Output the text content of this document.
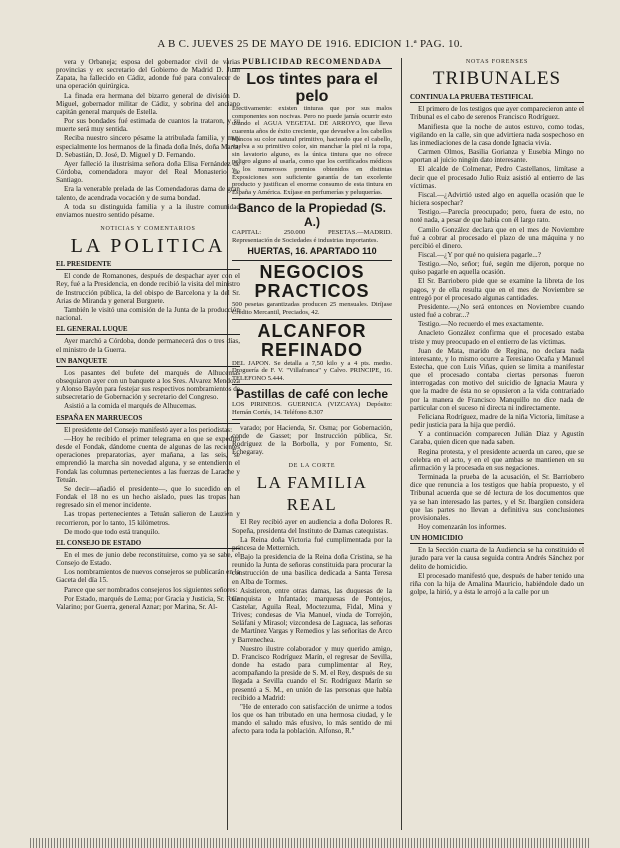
A B C. JUEVES 25 DE MAYO DE 1916. EDICION 1.ª PAG. 10.

vera y Orbaneja; esposa del gobernador civil de varias provincias y ex secretario del Gobierno de Madrid D. Juan Zapata, ha fallecido en Cádiz, adonde fué para convalecer de una operación quirúrgica.

La finada era hermana del bizarro general de división D. Miguel, gobernador militar de Cádiz, y sobrina del anciano capitán general marqués de Estella.

Por sus bondades fué estimada de cuantos la trataron, y su muerte será muy sentida.

Reciba nuestro sincero pésame la atribulada familia, y muy especialmente los hermanos de la finada doña Inés, doña María, D. Sebastián, D. José, D. Miguel y D. Fernando.

Ayer falleció la ilustrísima señora doña Elisa Fernández de Córdoba, comendadora mayor del Real Monasterio de Santiago.

Era la venerable prelada de las Comendadoras dama de gran talento, de acendrada vocación y de suma bondad.

A toda su distinguida familia y a la ilustre comunidad enviamos nuestro sentido pésame.

NOTICIAS Y COMENTARIOS
LA POLITICA
EL PRESIDENTE

El conde de Romanones, después de despachar ayer con el Rey, fué a la Presidencia, en donde recibió la visita del ministro de Instrucción pública, la del obispo de Barcelona y la del Sr. Arias de Miranda y general Burguete.

También le visitó una comisión de la Junta de la producción nacional.

EL GENERAL LUQUE

Ayer marchó a Córdoba, donde permanecerá dos o tres días, el ministro de la Guerra.

UN BANQUETE

Los pasantes del bufete del marqués de Alhucemas obsequiaron ayer con un banquete a los Sres. Alvarez Mendoza y Alonso Bayón para festejar sus respectivos nombramientos de subsecretario de Gobernación y secretario del Congreso.

Asistió a la comida el marqués de Alhucemas.

ESPAÑA EN MARRUECOS

El presidente del Consejo manifestó ayer a los periodistas:

—Hoy he recibido el primer telegrama en que se expedito desde el Fondak, dándome cuenta de algunas de las recientes operaciones preparatorias, ayer mañana, a las seis, se emprendió la marcha sin novedad alguna, y se entendieron el Fondak las columnas pertenecientes a las fuerzas de Larache y Tetuán.

Se decir—añadió el presidente—, que lo sucedido en el Fondak el 18 no es un hecho aislado, pues las tropas han regresado sin el menor incidente.

Las tropas pertenecientes a Tetuán salieron de Lauzien y recorrieron, por lo tanto, 15 kilómetros.

De modo que todo está tranquilo.

EL CONSEJO DE ESTADO

En el mes de junio debe reconstituirse, como ya se sabe, el Consejo de Estado.

Los nombramientos de nuevos consejeros se publicarán en la Gaceta del día 15.

Parece que ser nombrados consejeros los siguientes señores:

Por Estado, marqués de Lema; por Gracia y Justicia, Sr. Ruiz Valarino; por Guerra, general Aznar; por Marina, Sr. Al-

PUBLICIDAD RECOMENDADA
Los tintes para el pelo
Efectivamente: existen tinturas que por sus malos componentes son nocivas. Pero no puede jamás ocurrir esto usando el AGUA VEGETAL DE ARROYO, que lleva cuarenta años de éxito creciente, que devuelve a los cabellos blancos su color natural primitivo, haciendo que el cabello, vuelva a su primitivo color, sin manchar la piel ni la ropa, sin lavatorio alguno, es la única tintura que no ofrece peligro alguno al usarla, como que los certificados médicos y los numerosos premios obtenidos en distintas Exposiciones son suficiente garantía de tan excelente producto y justifican el enorme consumo de esta tintura en España y América. Exíjase en perfumerías y peluquerías.
Banco de la Propiedad (S. A.)
CAPITAL: 250.000 PESETAS.—MADRID. Representación de Sociedades é industrias importantes.
HUERTAS, 16. APARTADO 110
NEGOCIOS PRACTICOS
500 pesetas garantizadas producen 25 mensuales. Diríjase Crédito Mercantil, Preciados, 42.
ALCANFOR REFINADO
DEL JAPON. Se detalla a 7,50 kilo y a 4 pts. medio. Droguería de F. V. "Villafranca" y Calvo. PRINCIPE, 16. TELEFONO 5.444.
Pastillas de café con leche
LOS PIRINEOS. GUERNICA (VIZCAYA) Depósito: Hernán Cortés, 14. Teléfono 8.307

varado; por Hacienda, Sr. Osma; por Gobernación, conde de Gasset; por Instrucción pública, Sr. Rodríguez de la Borbolla, y por Fomento, Sr. Echegaray.

DE LA CORTE
LA FAMILIA REAL

El Rey recibió ayer en audiencia a doña Dolores R. Sopeña, presidenta del Instituto de Damas catequistas.

La Reina doña Victoria fué cumplimentada por la princesa de Metternich.

Bajo la presidencia de la Reina doña Cristina, se ha reunido la Junta de señoras constituida para procurar la construcción de una basílica dedicada a Santa Teresa en Alba de Tormes.

Asistieron, entre otras damas, las duquesas de la Conquista e Infantado; marquesas de Pontejos, Castelar, Aguila Real, Moctezuma, Fidal, Mina y Trives; condesas de Via Manuel, viuda de Torrejón, Seláfani y Mirasol; vizcondesa de Laguaca, las señoras de Martínez Vargas y Remedios y las señoritas de Arco y Barrenechea.

Nuestro ilustre colaborador y muy querido amigo, D. Francisco Rodríguez Marín, el regresar de Sevilla, donde ha estado para cumplimentar al Rey, acompañando la preside de S. M. el Rey, después de su llegada a Sevilla cuando el Sr. Rodríguez Marín se presentó a S. M., en unión de las personas que había recibido a Madrid:

"He de enterado con satisfacción de unirme a todos los que os han tributado en una hermosa ciudad, y le mando el saludo más efusivo, lo más sentido de mi afecto para toda la población. Alfonso, R."

NOTAS FORENSES
TRIBUNALES
CONTINUA LA PRUEBA TESTIFICAL

El primero de los testigos que ayer comparecieron ante el Tribunal es el cabo de serenos Francisco Rodríguez.

Manifiesta que la noche de autos estuvo, como todas, vigilando en la calle, sin que advirtiera nada sospechoso en las inmediaciones de la casa donde Ignacia vivía.

Carmen Olmos, Basilia Gorianza y Eusebia Mingo no aportan al juicio ningún dato interesante.

El alcalde de Colmenar, Pedro Castellanos, limítase a decir que el procesado Julio Ruiz asistió al entierro de las víctimas.

Fiscal.—¿Advirtió usted algo en aquella ocasión que le hiciera sospechar?

Testigo.—Parecía preocupado; pero, fuera de esto, no noté nada, a pesar de que había con él largo rato.

Camilo González declara que en el mes de Noviembre fué a cobrar al procesado el plazo de una máquina y no percibió el dinero.

Fiscal.—¿Y por qué no quisiera pagarle...?

Testigo.—No, señor; fué, según me dijeron, porque no quiso pagarle en aquella ocasión.

El Sr. Barriobero pide que se examine la libreta de los pagos, y de ella resulta que en el mes de Noviembre se entregó por el procesado algunas cantidades.

Presidente.—¿No será entonces en Noviembre cuando usted fué a cobrar...?

Testigo.—No recuerdo el mes exactamente.

Anacleto González confirma que el procesado estaba triste y muy preocupado en el entierro de las víctimas.

Juan de Mata, marido de Regina, no declara nada interesante, y lo mismo ocurre a Teresiano Ocaña y Manuel Estecha, que con Luis Viñas, quien se limita a manifestar que el procesado contaba ciertas personas fueron interrogadas con motivo del suicidio de Ignacia Maura y que la madre de ésta no se opusieron a la vida contrariado por la manera de Francisco Manquillo no dice nada de particular con el suceso ni directa ni indirectamente.

Feliciana Rodríguez, madre de la niña Victoria, limítase a pedir justicia para la hija que perdió.

Y a continuación comparecen Julián Díaz y Agustín Caraba, quien dicen que nada saben.

Regina protesta, y el presidente acuerda un careo, que se celebra en el acto, y en el que ambas se mantienen en su afirmación y la procesada en sus negaciones.

Terminada la prueba de la acusación, el Sr. Barriobero dice que renuncia a los testigos que había propuesto, y el Tribunal acuerda que se dé lectura de los documentos que ya se han interesado las partes, y el Sr. Ibargüen considera que las partes no llevan a definitiva sus conclusiones provisionales.

Hoy comenzarán los informes.

UN HOMICIDIO

En la Sección cuarta de la Audiencia se ha constituido el jurado para ver la causa seguida contra Andrés Sánchez por delito de homicidio.

El procesado manifestó que, después de haber tenido una riña con la hija de Amalina Mauricio, habiéndole dado un golpe, la hirió, y a ésta le arrojó a la calle por un
